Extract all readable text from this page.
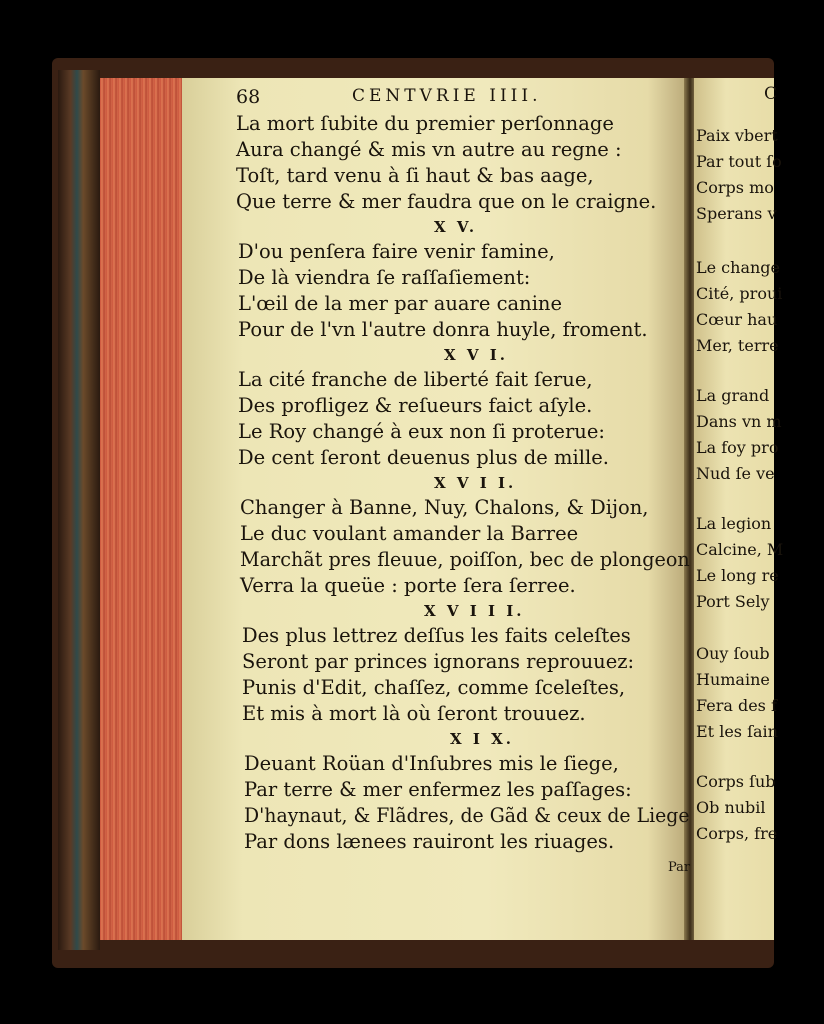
C
Paix vbert
Par tout ſo
Corps mo
Sperans v
Le change
Cité, proui
Cœur hau
Mer, terre
La grand
Dans vn m
La foy pro
Nud ſe ve
La legion
Calcine, M
Le long re
Port Sely
Ouy ſoub
Humaine
Fera des f
Et les ſain
Corps ſub
Ob nubil
Corps, fre
68	CENTVRIE IIII.
La mort ſubite du premier perſonnage
Aura changé & mis vn autre au regne :
Toſt, tard venu à ſi haut & bas aage,
Que terre & mer faudra que on le craigne.
X V.
D'ou penſera faire venir famine,
De là viendra ſe raſſaſiement:
L'œil de la mer par auare canine
Pour de l'vn l'autre donra huyle, froment.
X V I.
La cité franche de liberté fait ſerue,
Des profligez & reſueurs faict aſyle.
Le Roy changé à eux non ſi proterue:
De cent ſeront deuenus plus de mille.
X V I I.
Changer à Banne, Nuy, Chalons, & Dijon,
Le duc voulant amander la Barree
Marchãt pres fleuue, poiſſon, bec de plongeon
Verra la queüe : porte ſera ſerree.
X V I I I.
Des plus lettrez deſſus les faits celeſtes
Seront par princes ignorans reprouuez:
Punis d'Edit, chaſſez, comme ſceleſtes,
Et mis à mort là où ſeront trouuez.
X I X.
Deuant Roüan d'Inſubres mis le ſiege,
Par terre & mer enfermez les paſſages:
D'haynaut, & Flãdres, de Gãd & ceux de Liege
Par dons lænees rauiront les riuages.
Par
